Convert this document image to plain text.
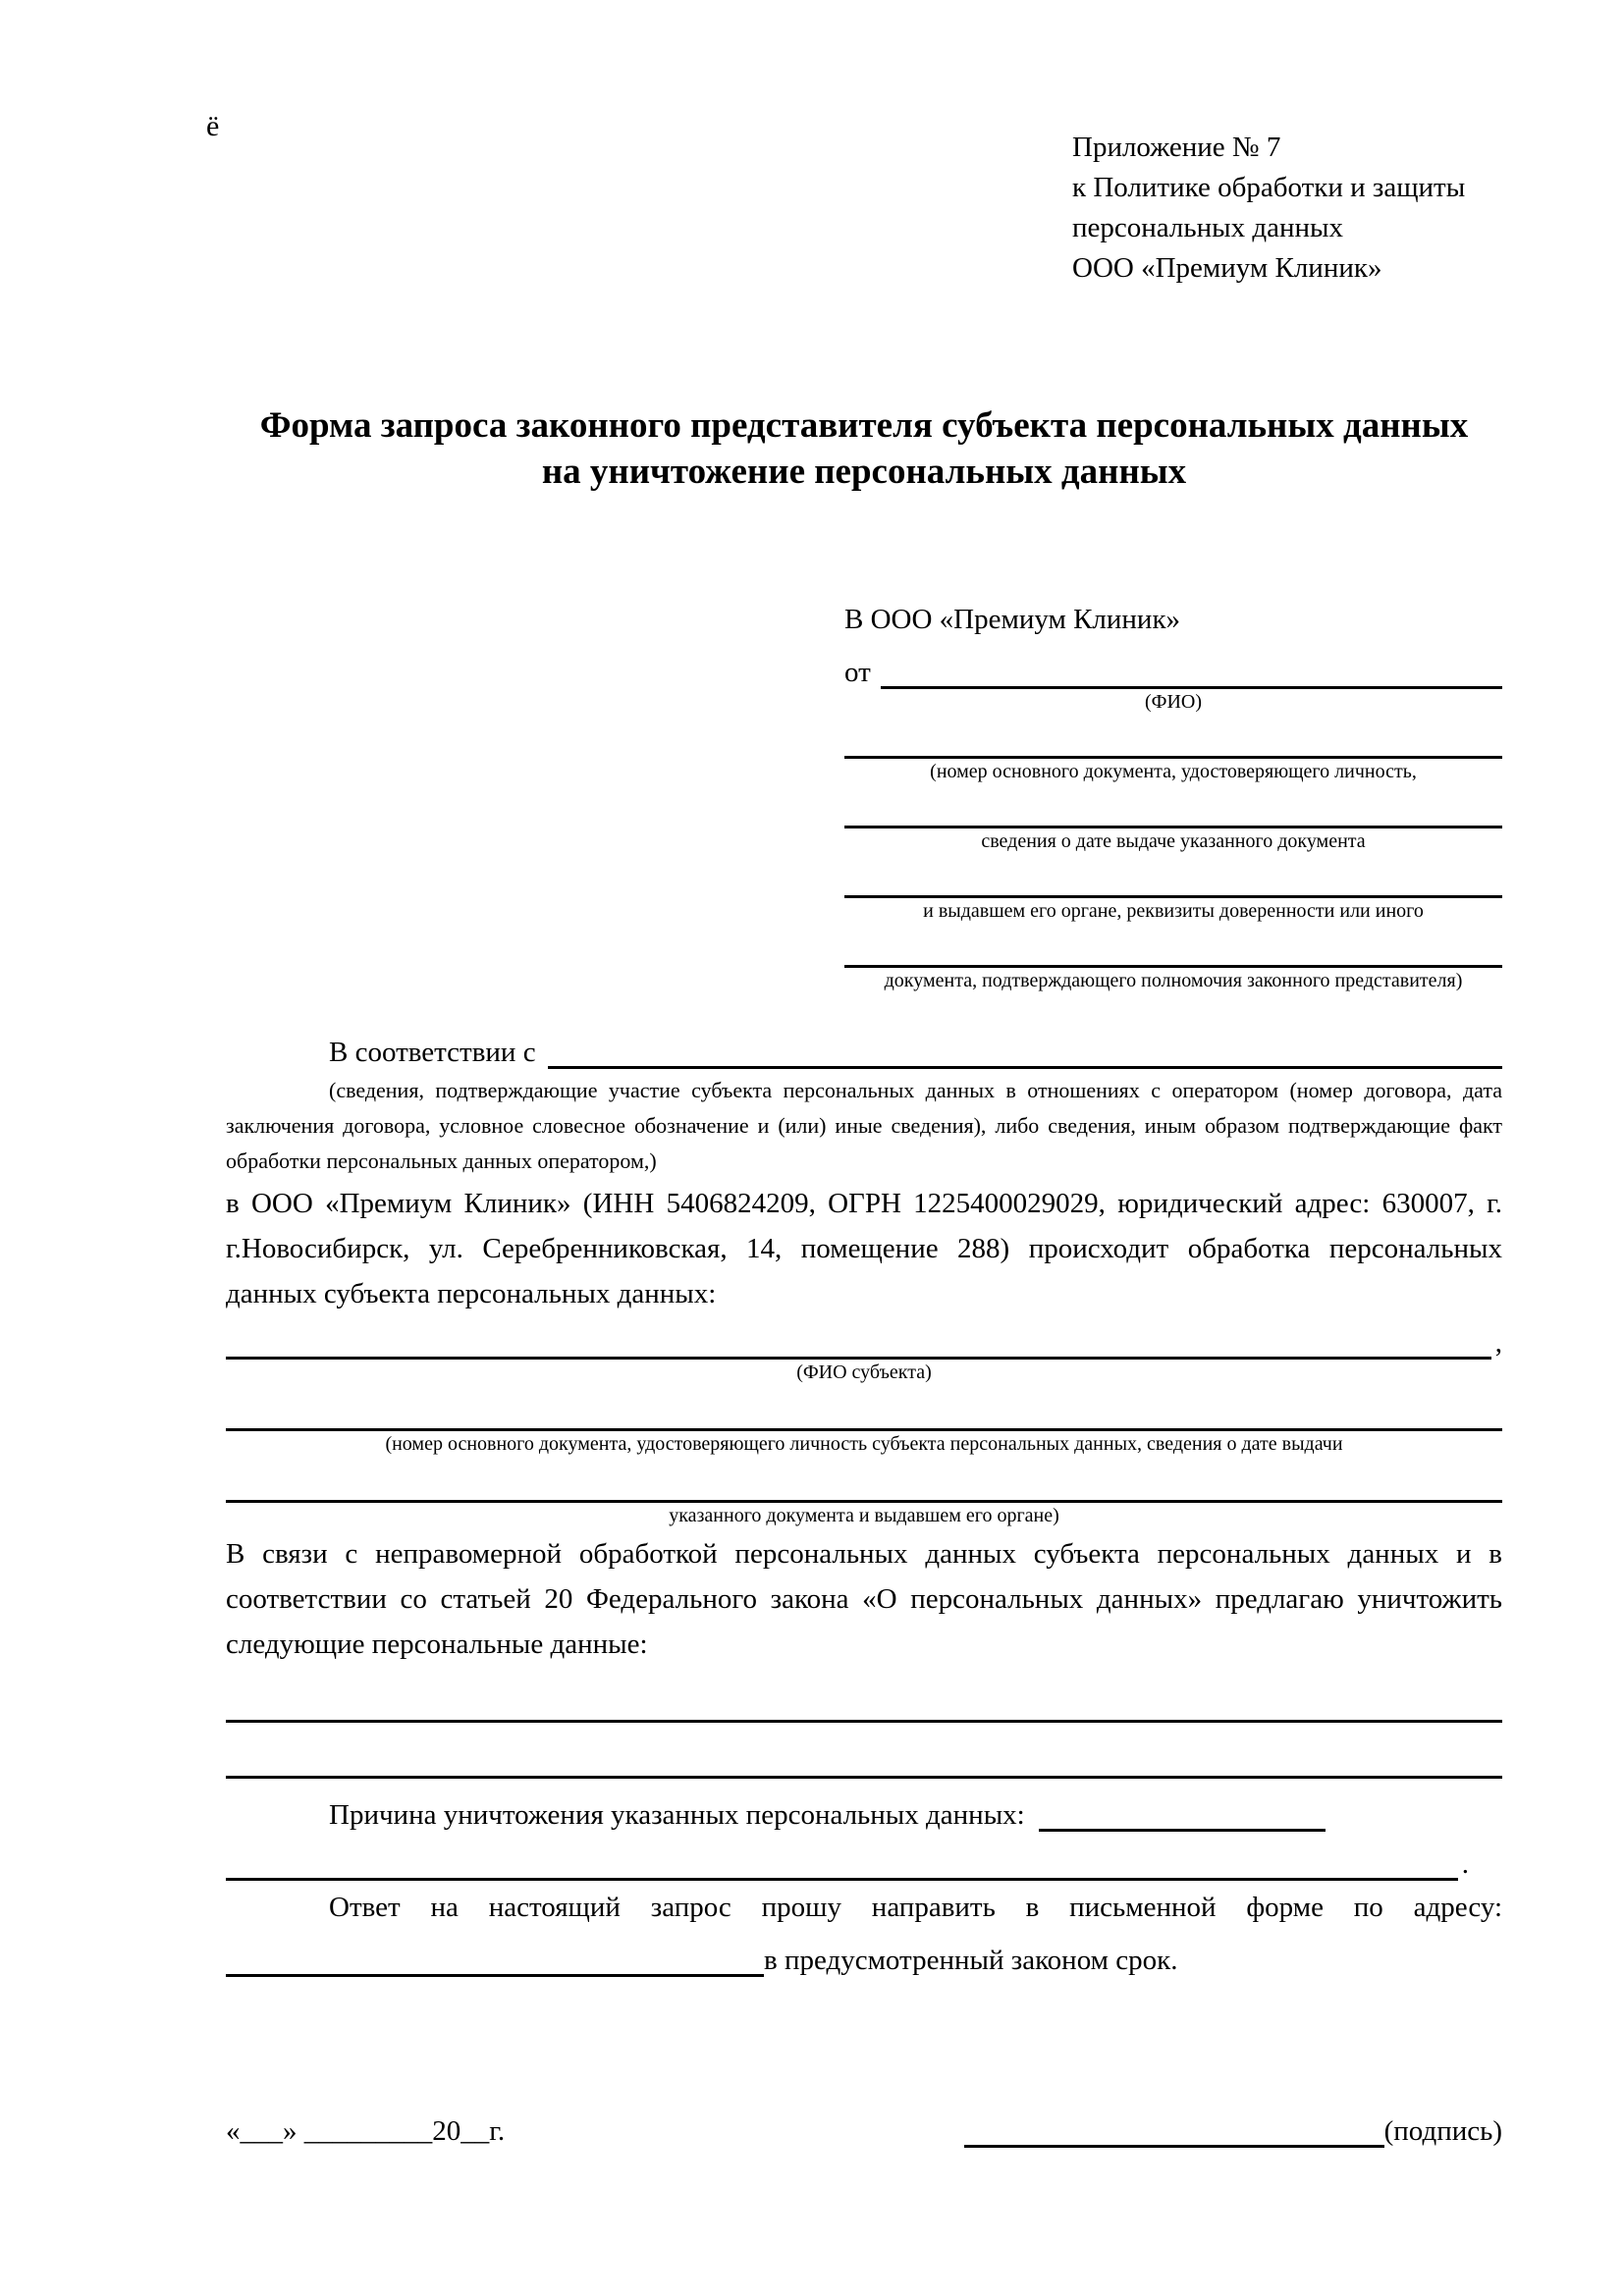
ё
Приложение № 7
к Политике обработки и защиты
персональных данных
ООО «Премиум Клиник»
Форма запроса законного представителя субъекта персональных данных
на уничтожение персональных данных
В ООО «Премиум Клиник»
от
(ФИО)
(номер основного документа, удостоверяющего личность,
сведения о дате выдаче указанного документа
и выдавшем его органе, реквизиты доверенности или иного
документа, подтверждающего полномочия законного представителя)
В соответствии с
(сведения, подтверждающие участие субъекта персональных данных в отношениях с оператором (номер договора, дата заключения договора, условное словесное обозначение и (или) иные сведения), либо сведения, иным образом подтверждающие факт обработки персональных данных оператором,)
в ООО «Премиум Клиник» (ИНН 5406824209, ОГРН 1225400029029, юридический адрес: 630007, г. г.Новосибирск, ул. Серебренниковская, 14, помещение 288) происходит обработка персональных данных субъекта персональных данных:
,
(ФИО субъекта)
(номер основного документа, удостоверяющего личность субъекта персональных данных, сведения о дате выдачи
указанного документа и выдавшем его органе)
В связи с неправомерной обработкой персональных данных субъекта персональных данных и в соответствии со статьей 20 Федерального закона «О персональных данных» предлагаю уничтожить следующие персональные данные:
Причина уничтожения указанных персональных данных:
.
Ответ на настоящий запрос прошу направить в письменной форме по адресу:
в предусмотренный законом срок.
«___» _________20__г.	(подпись)
